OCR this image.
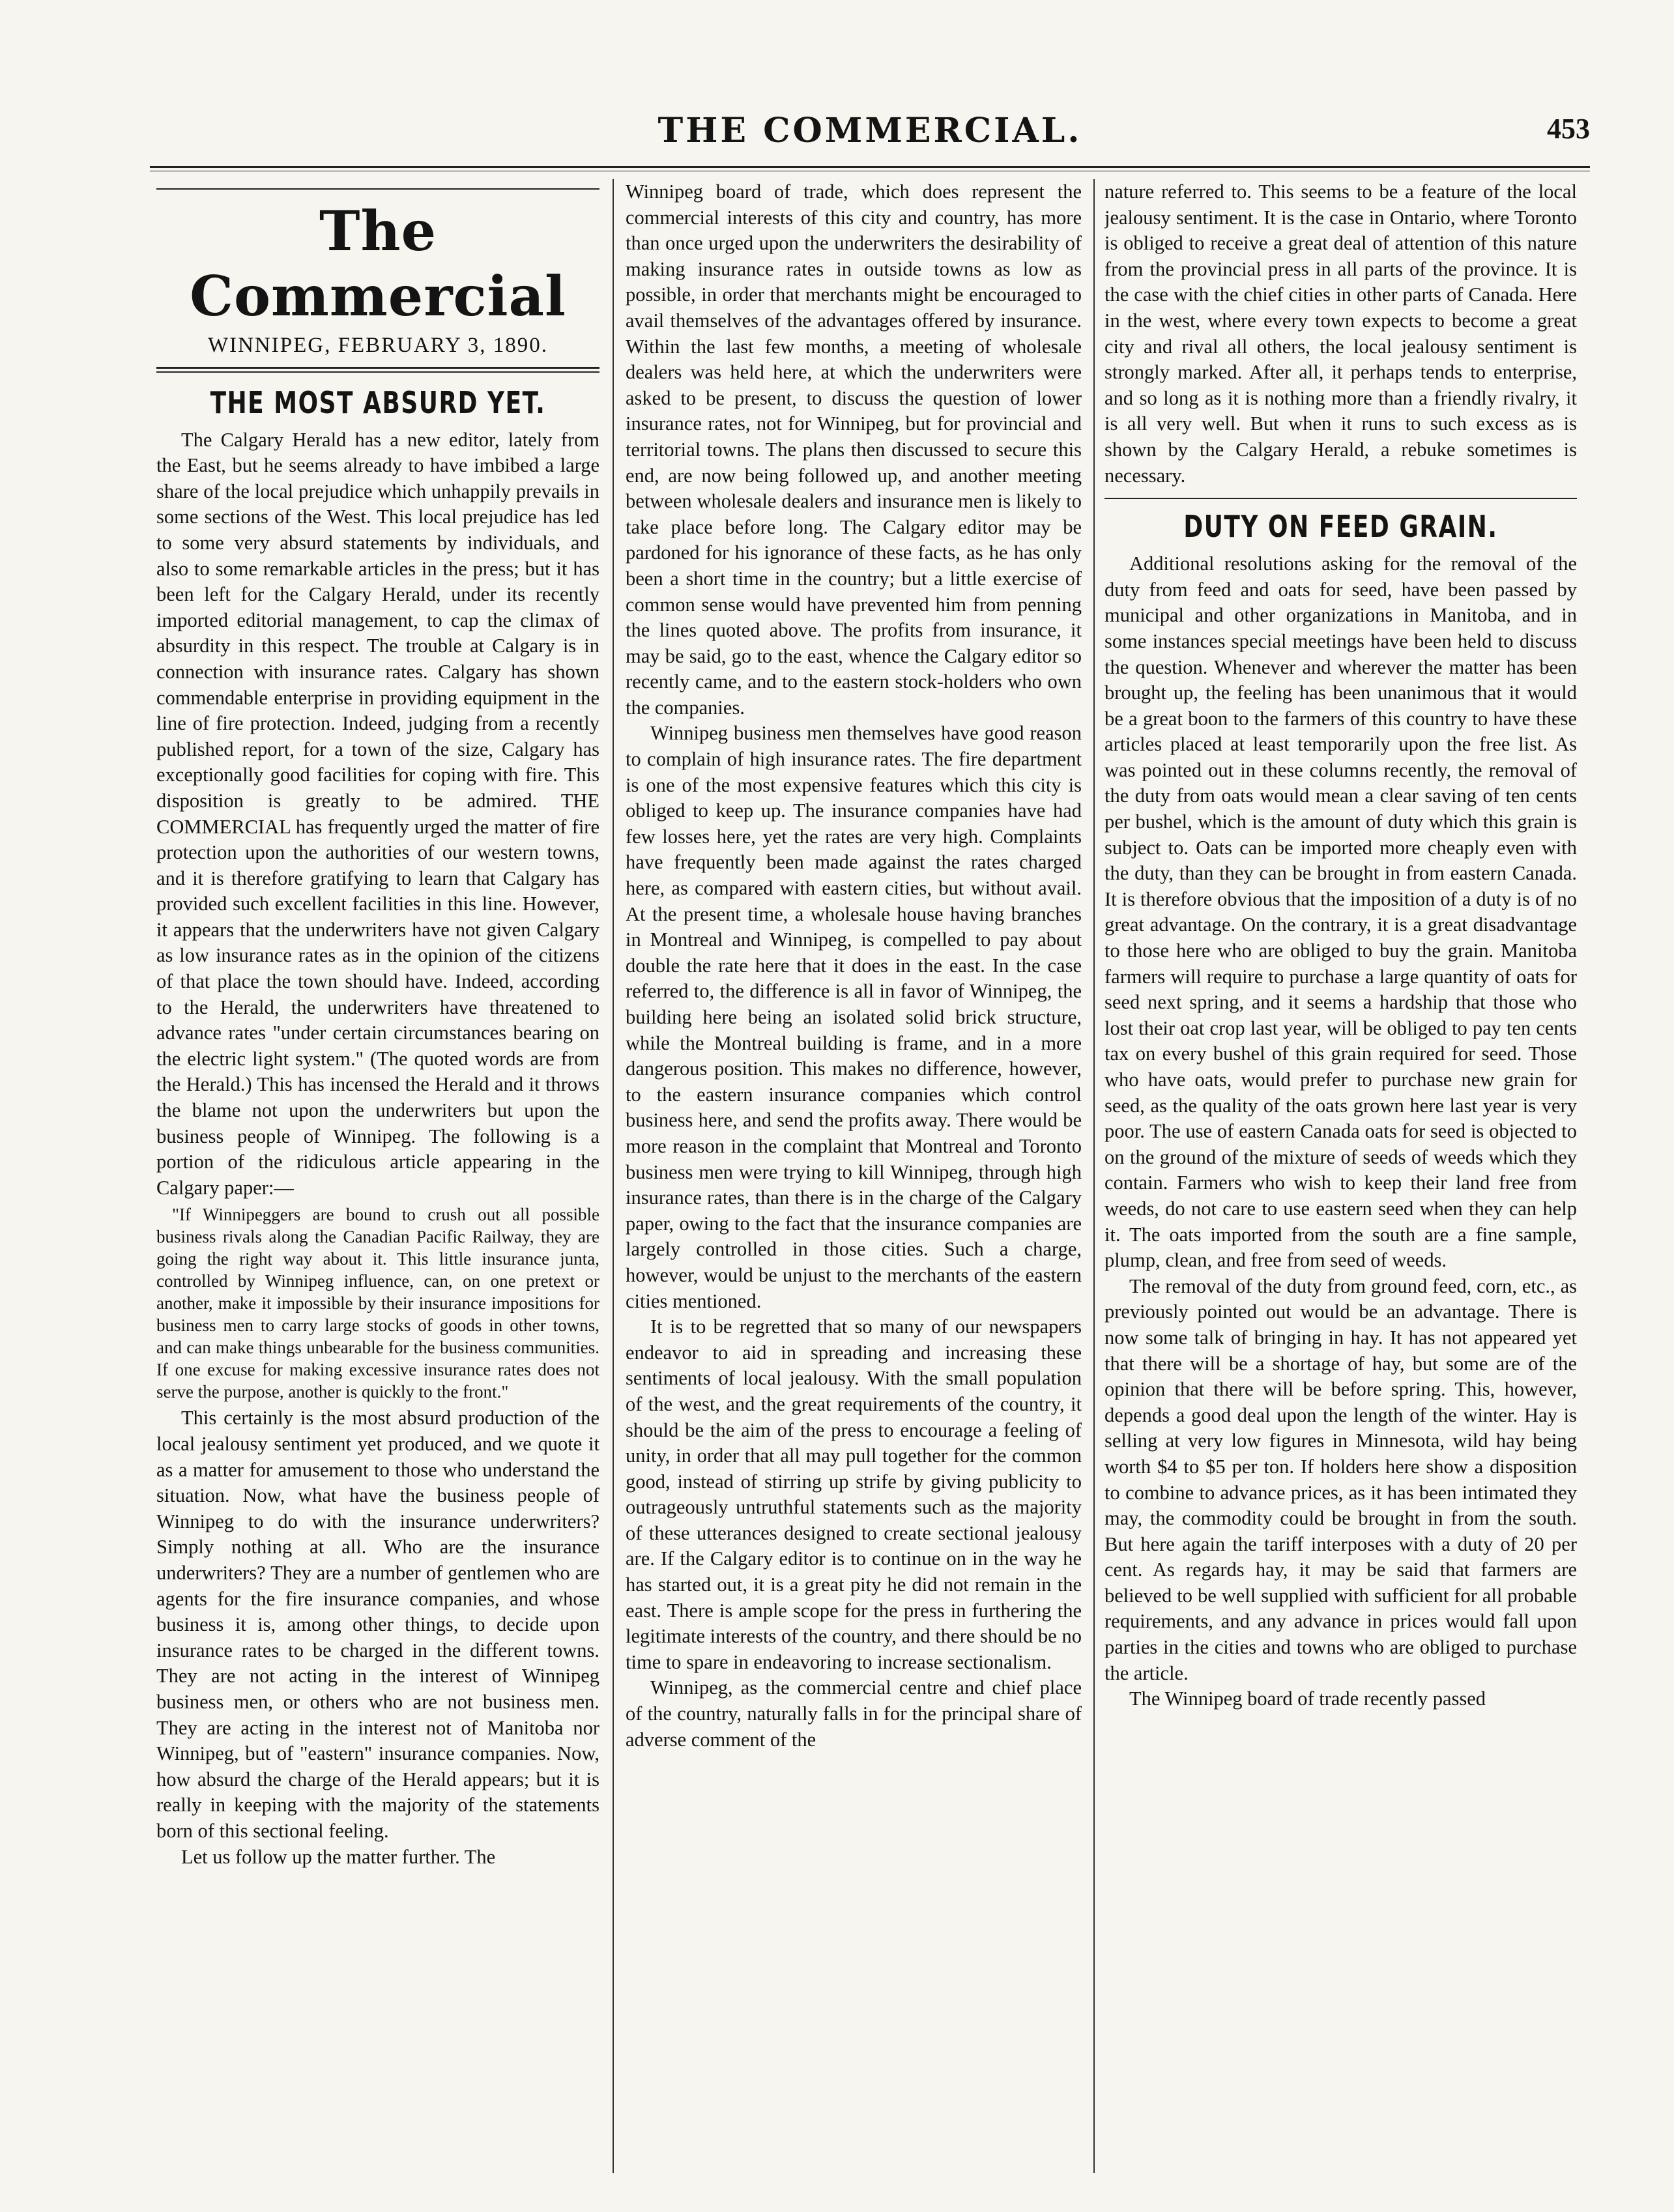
THE COMMERCIAL.	453
The Commercial
WINNIPEG, FEBRUARY 3, 1890.
THE MOST ABSURD YET.

The Calgary Herald has a new editor, lately from the East, but he seems already to have imbibed a large share of the local prejudice which unhappily prevails in some sections of the West. This local prejudice has led to some very absurd statements by individuals, and also to some remarkable articles in the press; but it has been left for the Calgary Herald, under its recently imported editorial management, to cap the climax of absurdity in this respect. The trouble at Calgary is in connection with insurance rates. Calgary has shown commendable enterprise in providing equipment in the line of fire protection. Indeed, judging from a recently published report, for a town of the size, Calgary has exceptionally good facilities for coping with fire. This disposition is greatly to be admired. THE COMMERCIAL has frequently urged the matter of fire protection upon the authorities of our western towns, and it is therefore gratifying to learn that Calgary has provided such excellent facilities in this line. However, it appears that the underwriters have not given Calgary as low insurance rates as in the opinion of the citizens of that place the town should have. Indeed, according to the Herald, the underwriters have threatened to advance rates "under certain circumstances bearing on the electric light system." (The quoted words are from the Herald.) This has incensed the Herald and it throws the blame not upon the underwriters but upon the business people of Winnipeg. The following is a portion of the ridiculous article appearing in the Calgary paper:—

"If Winnipeggers are bound to crush out all possible business rivals along the Canadian Pacific Railway, they are going the right way about it. This little insurance junta, controlled by Winnipeg influence, can, on one pretext or another, make it impossible by their insurance impositions for business men to carry large stocks of goods in other towns, and can make things unbearable for the business communities. If one excuse for making excessive insurance rates does not serve the purpose, another is quickly to the front."

This certainly is the most absurd production of the local jealousy sentiment yet produced, and we quote it as a matter for amusement to those who understand the situation. Now, what have the business people of Winnipeg to do with the insurance underwriters? Simply nothing at all. Who are the insurance underwriters? They are a number of gentlemen who are agents for the fire insurance companies, and whose business it is, among other things, to decide upon insurance rates to be charged in the different towns. They are not acting in the interest of Winnipeg business men, or others who are not business men. They are acting in the interest not of Manitoba nor Winnipeg, but of "eastern" insurance companies. Now, how absurd the charge of the Herald appears; but it is really in keeping with the majority of the statements born of this sectional feeling.

Let us follow up the matter further. The

Winnipeg board of trade, which does represent the commercial interests of this city and country, has more than once urged upon the underwriters the desirability of making insurance rates in outside towns as low as possible, in order that merchants might be encouraged to avail themselves of the advantages offered by insurance. Within the last few months, a meeting of wholesale dealers was held here, at which the underwriters were asked to be present, to discuss the question of lower insurance rates, not for Winnipeg, but for provincial and territorial towns. The plans then discussed to secure this end, are now being followed up, and another meeting between wholesale dealers and insurance men is likely to take place before long. The Calgary editor may be pardoned for his ignorance of these facts, as he has only been a short time in the country; but a little exercise of common sense would have prevented him from penning the lines quoted above. The profits from insurance, it may be said, go to the east, whence the Calgary editor so recently came, and to the eastern stock-holders who own the companies.

Winnipeg business men themselves have good reason to complain of high insurance rates. The fire department is one of the most expensive features which this city is obliged to keep up. The insurance companies have had few losses here, yet the rates are very high. Complaints have frequently been made against the rates charged here, as compared with eastern cities, but without avail. At the present time, a wholesale house having branches in Montreal and Winnipeg, is compelled to pay about double the rate here that it does in the east. In the case referred to, the difference is all in favor of Winnipeg, the building here being an isolated solid brick structure, while the Montreal building is frame, and in a more dangerous position. This makes no difference, however, to the eastern insurance companies which control business here, and send the profits away. There would be more reason in the complaint that Montreal and Toronto business men were trying to kill Winnipeg, through high insurance rates, than there is in the charge of the Calgary paper, owing to the fact that the insurance companies are largely controlled in those cities. Such a charge, however, would be unjust to the merchants of the eastern cities mentioned.

It is to be regretted that so many of our newspapers endeavor to aid in spreading and increasing these sentiments of local jealousy. With the small population of the west, and the great requirements of the country, it should be the aim of the press to encourage a feeling of unity, in order that all may pull together for the common good, instead of stirring up strife by giving publicity to outrageously untruthful statements such as the majority of these utterances designed to create sectional jealousy are. If the Calgary editor is to continue on in the way he has started out, it is a great pity he did not remain in the east. There is ample scope for the press in furthering the legitimate interests of the country, and there should be no time to spare in endeavoring to increase sectionalism.

Winnipeg, as the commercial centre and chief place of the country, naturally falls in for the principal share of adverse comment of the

nature referred to. This seems to be a feature of the local jealousy sentiment. It is the case in Ontario, where Toronto is obliged to receive a great deal of attention of this nature from the provincial press in all parts of the province. It is the case with the chief cities in other parts of Canada. Here in the west, where every town expects to become a great city and rival all others, the local jealousy sentiment is strongly marked. After all, it perhaps tends to enterprise, and so long as it is nothing more than a friendly rivalry, it is all very well. But when it runs to such excess as is shown by the Calgary Herald, a rebuke sometimes is necessary.

DUTY ON FEED GRAIN.

Additional resolutions asking for the removal of the duty from feed and oats for seed, have been passed by municipal and other organizations in Manitoba, and in some instances special meetings have been held to discuss the question. Whenever and wherever the matter has been brought up, the feeling has been unanimous that it would be a great boon to the farmers of this country to have these articles placed at least temporarily upon the free list. As was pointed out in these columns recently, the removal of the duty from oats would mean a clear saving of ten cents per bushel, which is the amount of duty which this grain is subject to. Oats can be imported more cheaply even with the duty, than they can be brought in from eastern Canada. It is therefore obvious that the imposition of a duty is of no great advantage. On the contrary, it is a great disadvantage to those here who are obliged to buy the grain. Manitoba farmers will require to purchase a large quantity of oats for seed next spring, and it seems a hardship that those who lost their oat crop last year, will be obliged to pay ten cents tax on every bushel of this grain required for seed. Those who have oats, would prefer to purchase new grain for seed, as the quality of the oats grown here last year is very poor. The use of eastern Canada oats for seed is objected to on the ground of the mixture of seeds of weeds which they contain. Farmers who wish to keep their land free from weeds, do not care to use eastern seed when they can help it. The oats imported from the south are a fine sample, plump, clean, and free from seed of weeds.

The removal of the duty from ground feed, corn, etc., as previously pointed out would be an advantage. There is now some talk of bringing in hay. It has not appeared yet that there will be a shortage of hay, but some are of the opinion that there will be before spring. This, however, depends a good deal upon the length of the winter. Hay is selling at very low figures in Minnesota, wild hay being worth $4 to $5 per ton. If holders here show a disposition to combine to advance prices, as it has been intimated they may, the commodity could be brought in from the south. But here again the tariff interposes with a duty of 20 per cent. As regards hay, it may be said that farmers are believed to be well supplied with sufficient for all probable requirements, and any advance in prices would fall upon parties in the cities and towns who are obliged to purchase the article.

The Winnipeg board of trade recently passed
